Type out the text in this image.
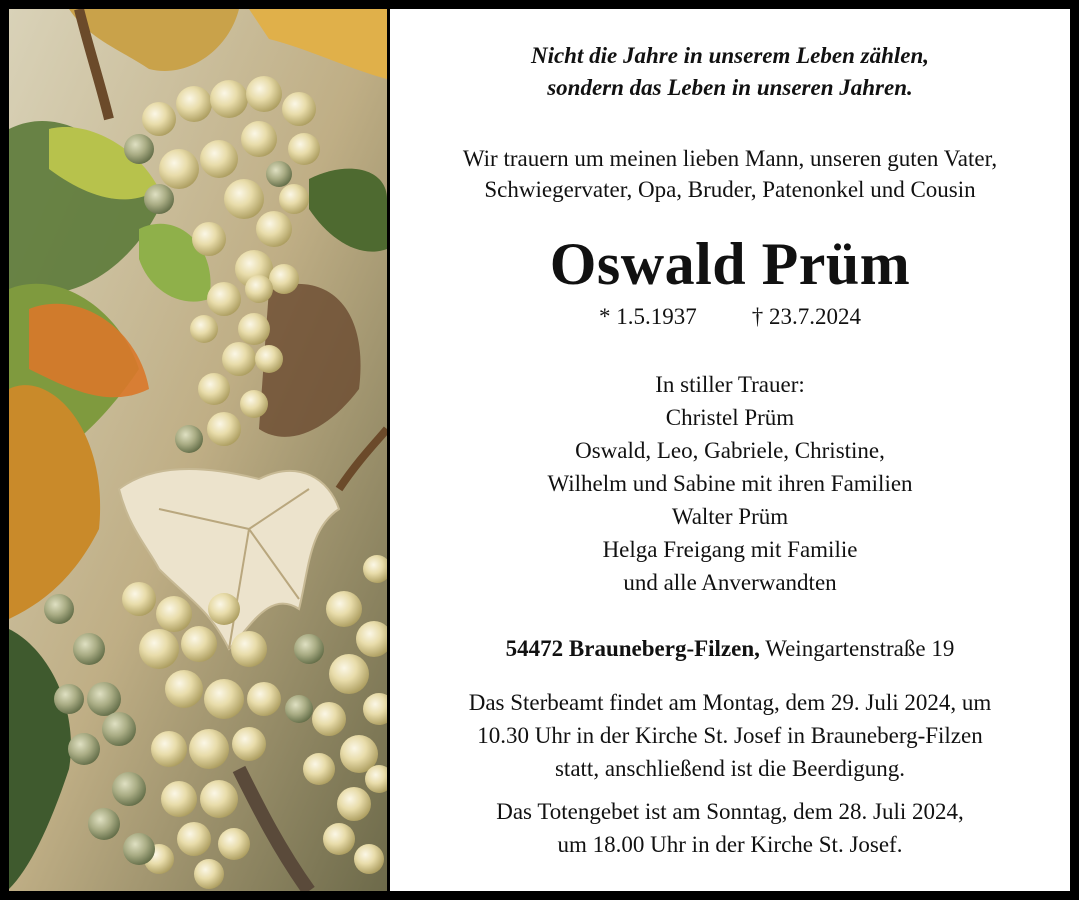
Nicht die Jahre in unserem Leben zählen,
sondern das Leben in unseren Jahren.
Wir trauern um meinen lieben Mann, unseren guten Vater,
Schwiegervater, Opa, Bruder, Patenonkel und Cousin
Oswald Prüm
* 1.5.1937 † 23.7.2024
In stiller Trauer:
Christel Prüm
Oswald, Leo, Gabriele, Christine,
Wilhelm und Sabine mit ihren Familien
Walter Prüm
Helga Freigang mit Familie
und alle Anverwandten
54472 Brauneberg-Filzen, Weingartenstraße 19
Das Sterbeamt findet am Montag, dem 29. Juli 2024, um
10.30 Uhr in der Kirche St. Josef in Brauneberg-Filzen
statt, anschließend ist die Beerdigung.
Das Totengebet ist am Sonntag, dem 28. Juli 2024,
um 18.00 Uhr in der Kirche St. Josef.
